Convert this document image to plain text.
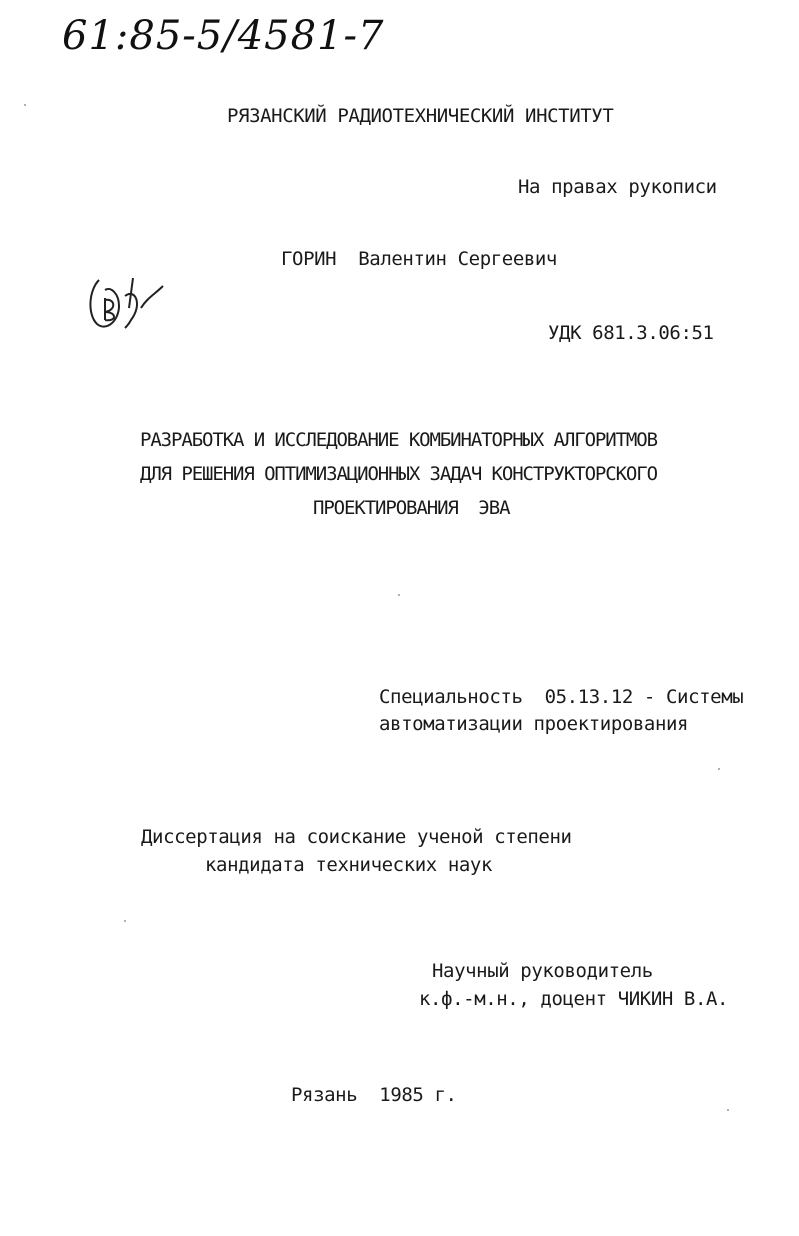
61:85-5/4581-7
РЯЗАНСКИЙ РАДИОТЕХНИЧЕСКИЙ ИНСТИТУТ
На правах рукописи
ГОРИН  Валентин Сергеевич
УДК 681.3.06:51
РАЗРАБОТКА И ИССЛЕДОВАНИЕ КОМБИНАТОРНЫХ АЛГОРИТМОВ
ДЛЯ РЕШЕНИЯ ОПТИМИЗАЦИОННЫХ ЗАДАЧ КОНСТРУКТОРСКОГО
ПРОЕКТИРОВАНИЯ  ЭВА
Специальность  05.13.12 - Системы
автоматизации проектирования
Диссертация на соискание ученой степени
кандидата технических наук
Научный руководитель
к.ф.-м.н., доцент ЧИКИН В.А.
Рязань  1985 г.
